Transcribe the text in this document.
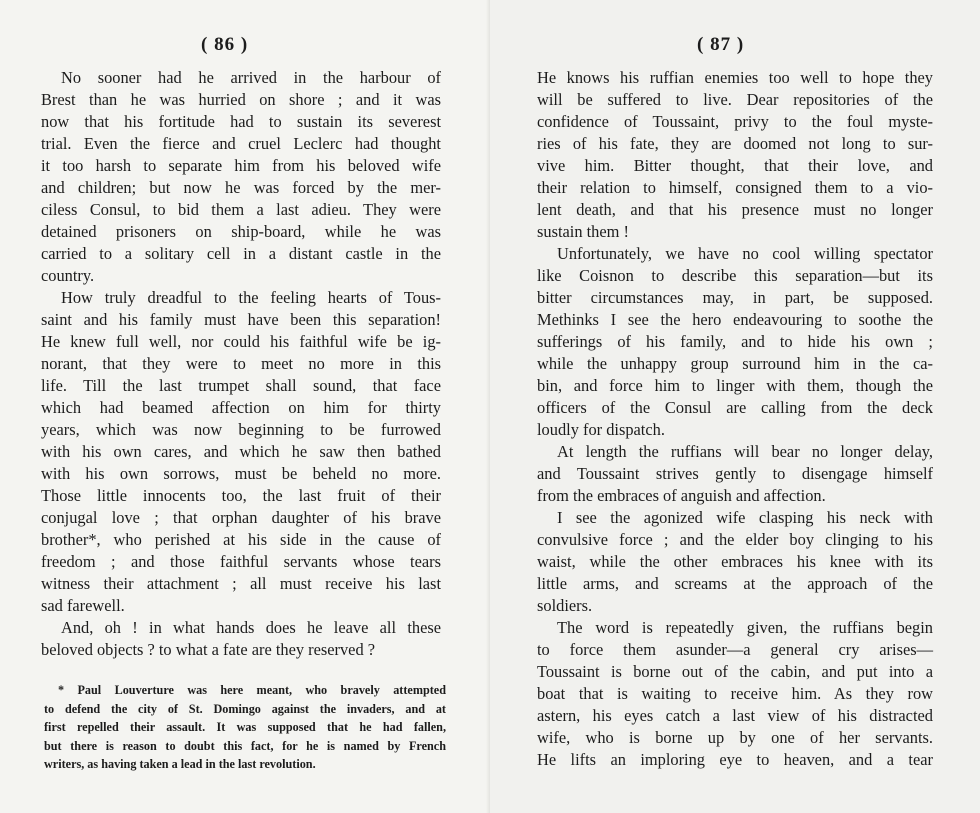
( 86 )

No sooner had he arrived in the harbour of
Brest than he was hurried on shore ; and it was
now that his fortitude had to sustain its severest
trial. Even the fierce and cruel Leclerc had thought
it too harsh to separate him from his beloved wife
and children; but now he was forced by the mer-
ciless Consul, to bid them a last adieu. They were
detained prisoners on ship-board, while he was
carried to a solitary cell in a distant castle in the
country.

How truly dreadful to the feeling hearts of Tous-
saint and his family must have been this separation!
He knew full well, nor could his faithful wife be ig-
norant, that they were to meet no more in this
life. Till the last trumpet shall sound, that face
which had beamed affection on him for thirty
years, which was now beginning to be furrowed
with his own cares, and which he saw then bathed
with his own sorrows, must be beheld no more.
Those little innocents too, the last fruit of their
conjugal love ; that orphan daughter of his brave
brother*, who perished at his side in the cause of
freedom ; and those faithful servants whose tears
witness their attachment ; all must receive his last
sad farewell.

And, oh ! in what hands does he leave all these
beloved objects ? to what a fate are they reserved ?

* Paul Louverture was here meant, who bravely attempted
to defend the city of St. Domingo against the invaders, and at
first repelled their assault. It was supposed that he had fallen,
but there is reason to doubt this fact, for he is named by French
writers, as having taken a lead in the last revolution.
( 87 )

He knows his ruffian enemies too well to hope they
will be suffered to live. Dear repositories of the
confidence of Toussaint, privy to the foul myste-
ries of his fate, they are doomed not long to sur-
vive him. Bitter thought, that their love, and
their relation to himself, consigned them to a vio-
lent death, and that his presence must no longer
sustain them !

Unfortunately, we have no cool willing spectator
like Coisnon to describe this separation—but its
bitter circumstances may, in part, be supposed.
Methinks I see the hero endeavouring to soothe the
sufferings of his family, and to hide his own ;
while the unhappy group surround him in the ca-
bin, and force him to linger with them, though the
officers of the Consul are calling from the deck
loudly for dispatch.

At length the ruffians will bear no longer delay,
and Toussaint strives gently to disengage himself
from the embraces of anguish and affection.

I see the agonized wife clasping his neck with
convulsive force ; and the elder boy clinging to his
waist, while the other embraces his knee with its
little arms, and screams at the approach of the
soldiers.

The word is repeatedly given, the ruffians begin
to force them asunder—a general cry arises—
Toussaint is borne out of the cabin, and put into a
boat that is waiting to receive him. As they row
astern, his eyes catch a last view of his distracted
wife, who is borne up by one of her servants.
He lifts an imploring eye to heaven, and a tear
